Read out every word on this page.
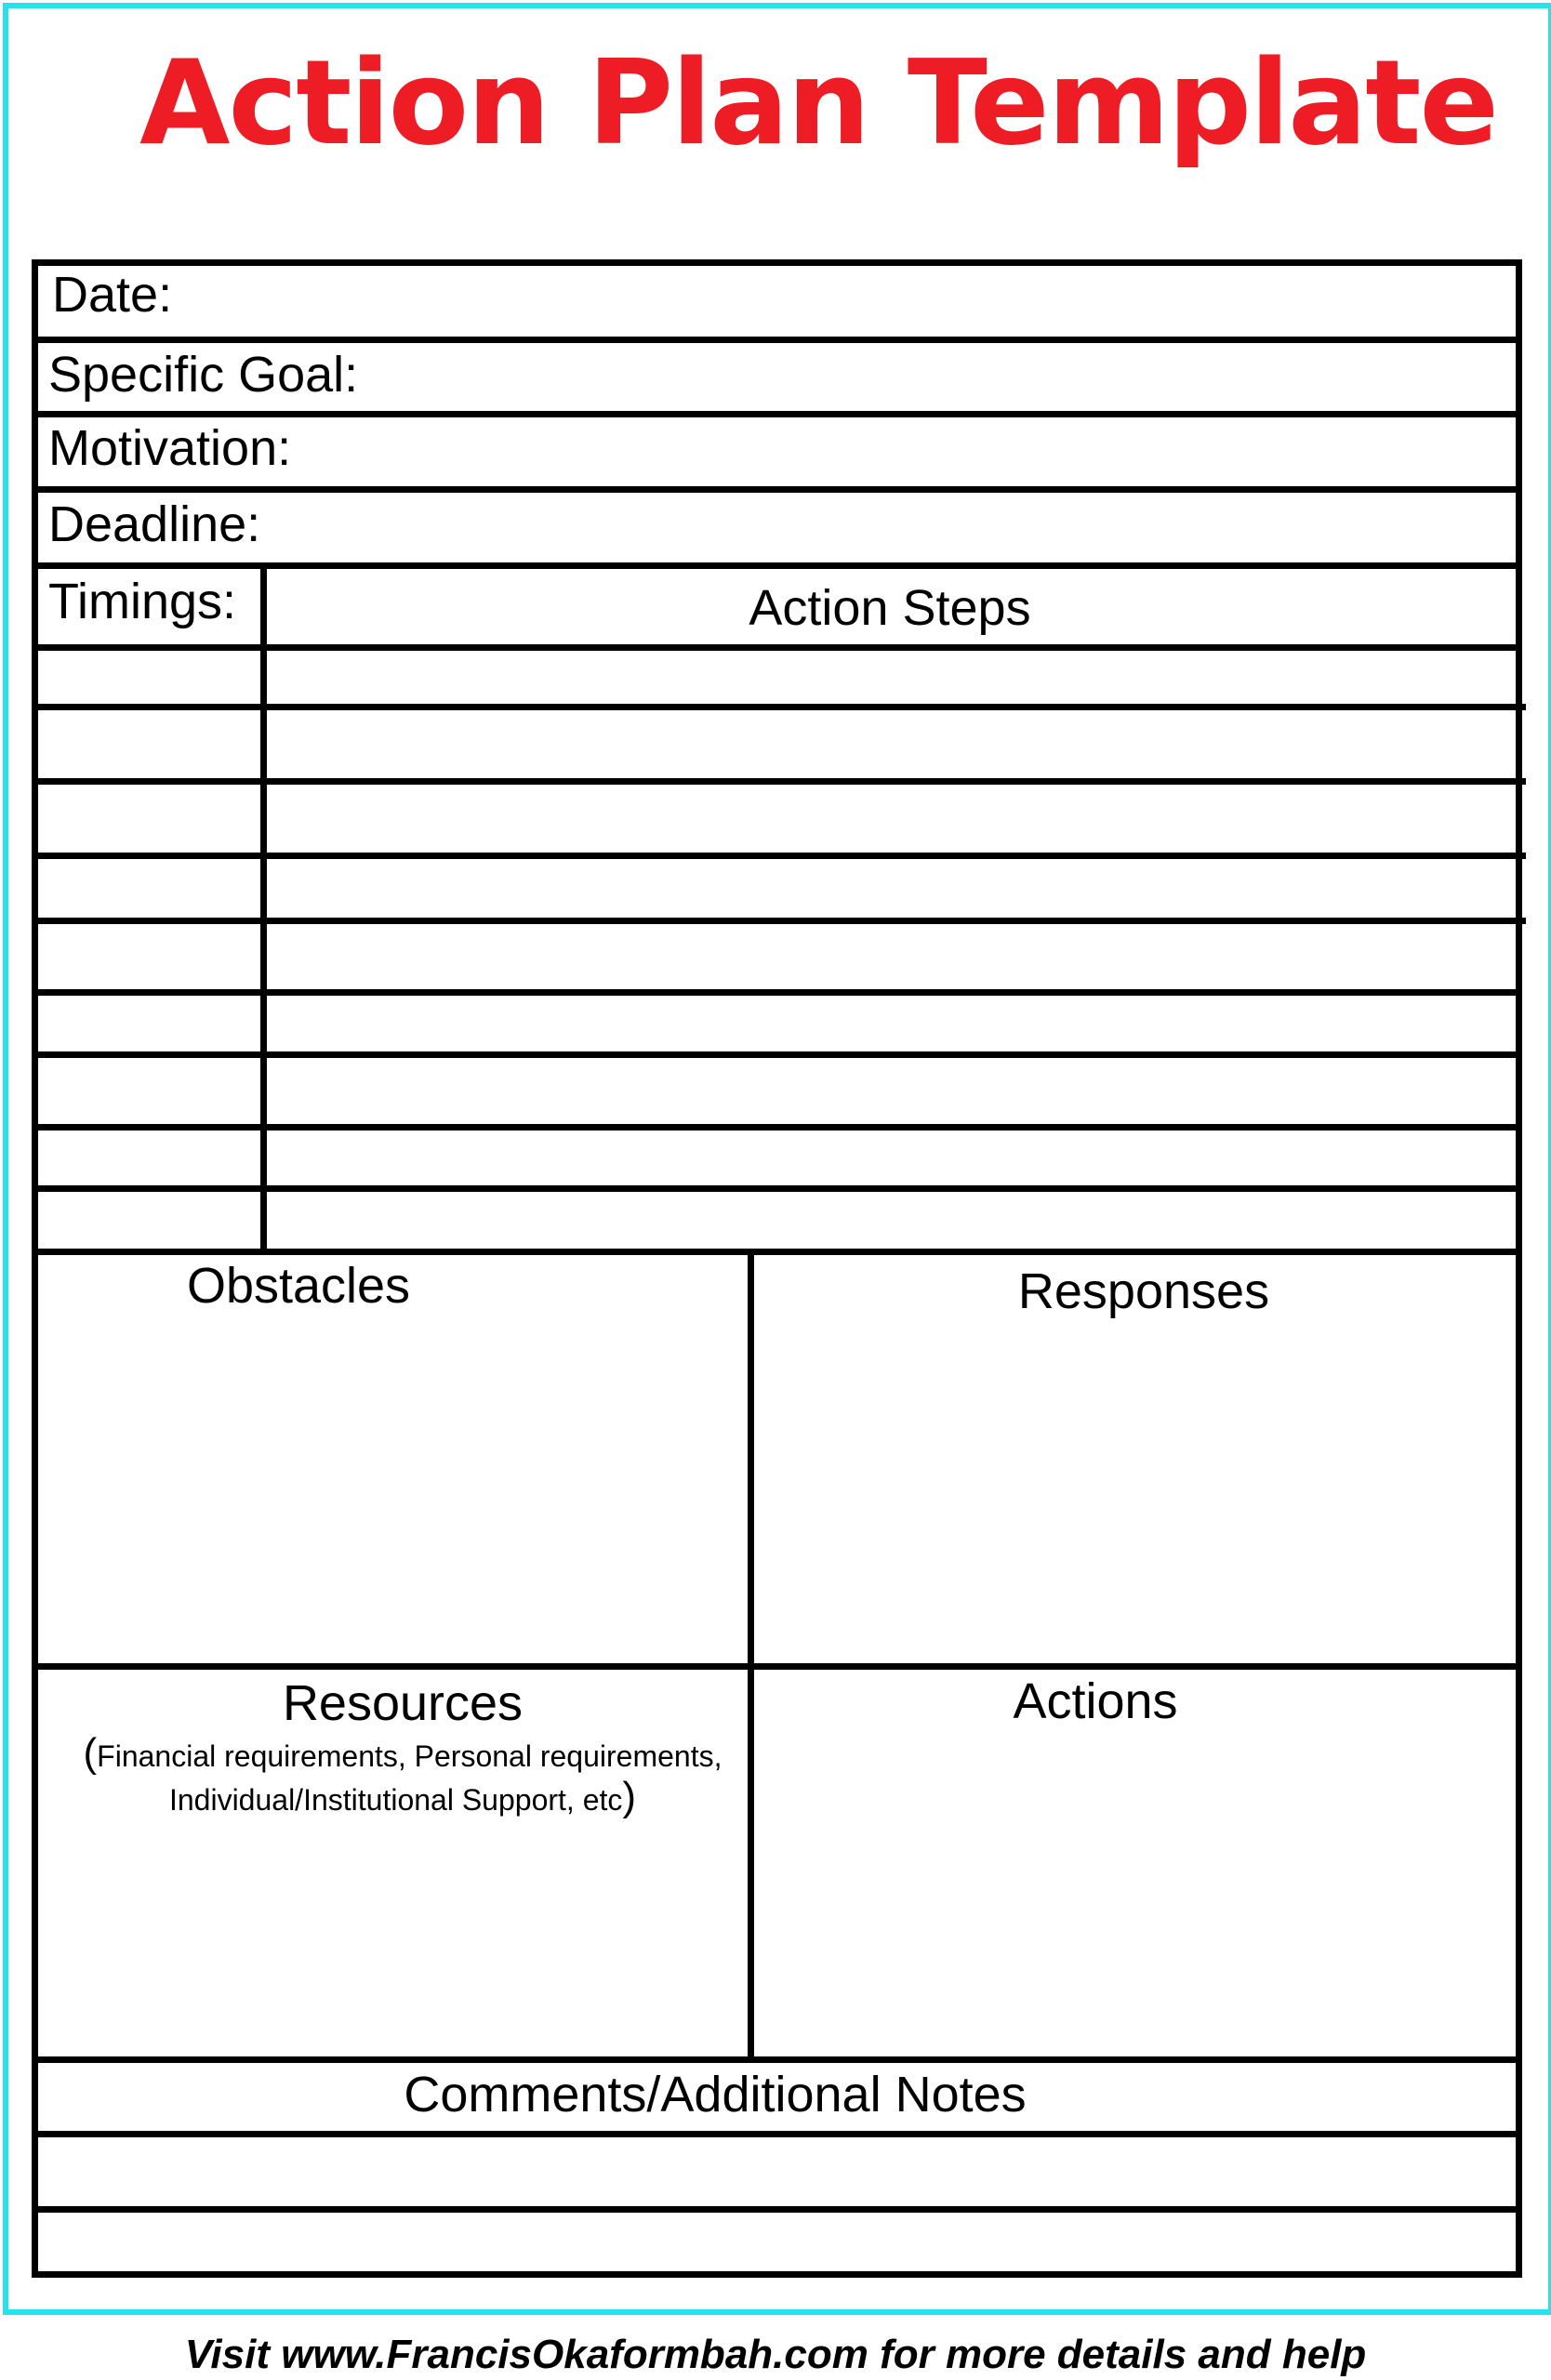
Action Plan Template
Date:
Specific Goal:
Motivation:
Deadline:
Timings:	Action Steps
Obstacles	Responses
Resources
(Financial requirements, Personal requirements,
Individual/Institutional Support, etc)
Actions
Comments/Additional Notes
Visit www.FrancisOkaformbah.com for more details and help
